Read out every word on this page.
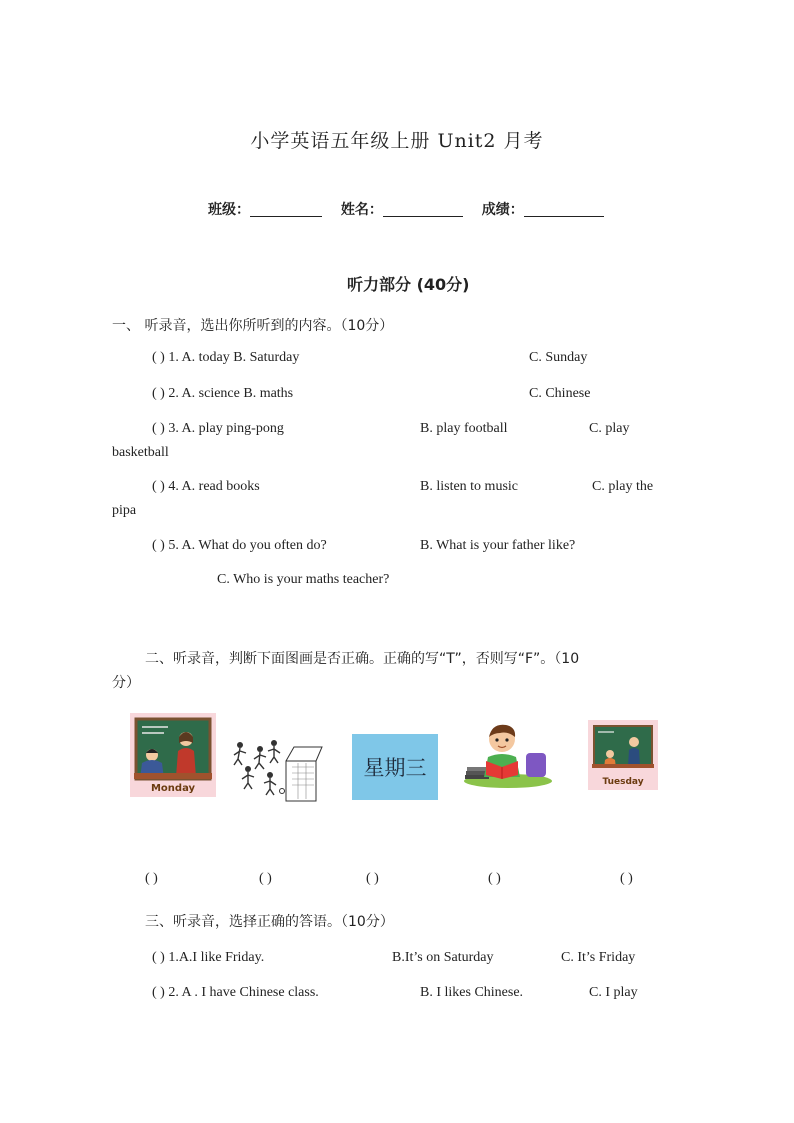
小学英语五年级上册 Unit2 月考
班级：	姓名：	成绩：
听力部分 (40分)
一、 听录音，选出你所听到的内容。（10分）
( ) 1. A. today B. Saturday	C. Sunday
( ) 2. A. science B. maths	C. Chinese
( ) 3. A. play ping-pong	B. play football	C. play
basketball
( ) 4. A. read books	B. listen to music	C. play the
pipa
( ) 5. A. What do you often do?	B. What is your father like?
C. Who is your maths teacher?
二、听录音，判断下面图画是否正确。正确的写“T”，否则写“F”。（10
分）
Monday
星期三
Tuesday
( )	( )	( )	( )	( )
三、听录音，选择正确的答语。（10分）
( ) 1.A.I like Friday.	B.It’s on Saturday	C. It’s Friday
( ) 2. A . I have Chinese class.	B. I likes Chinese.	C. I play
